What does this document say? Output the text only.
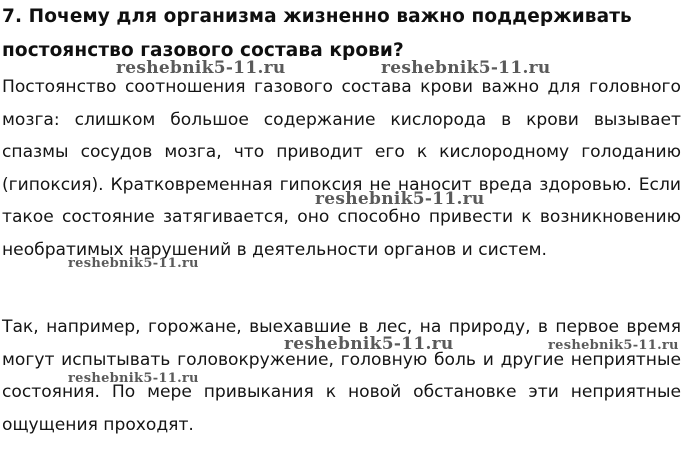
7. Почему для организма жизненно важно поддерживать постоянство газового состава крови?

Постоянство соотношения газового состава крови важно для головного мозга: слишком большое содержание кислорода в крови вызывает спазмы сосудов мозга, что приводит его к кислородному голоданию (гипоксия). Кратковременная гипоксия не наносит вреда здоровью. Если такое состояние затягивается, оно способно привести к возникновению необратимых нарушений в деятельности органов и систем.

Так, например, горожане, выехавшие в лес, на природу, в первое время могут испытывать головокружение, головную боль и другие неприятные состояния. По мере привыкания к новой обстановке эти неприятные ощущения проходят.

reshebnik5-11.ru	reshebnik5-11.ru
reshebnik5-11.ru
reshebnik5-11.ru
reshebnik5-11.ru	reshebnik5-11.ru
reshebnik5-11.ru
